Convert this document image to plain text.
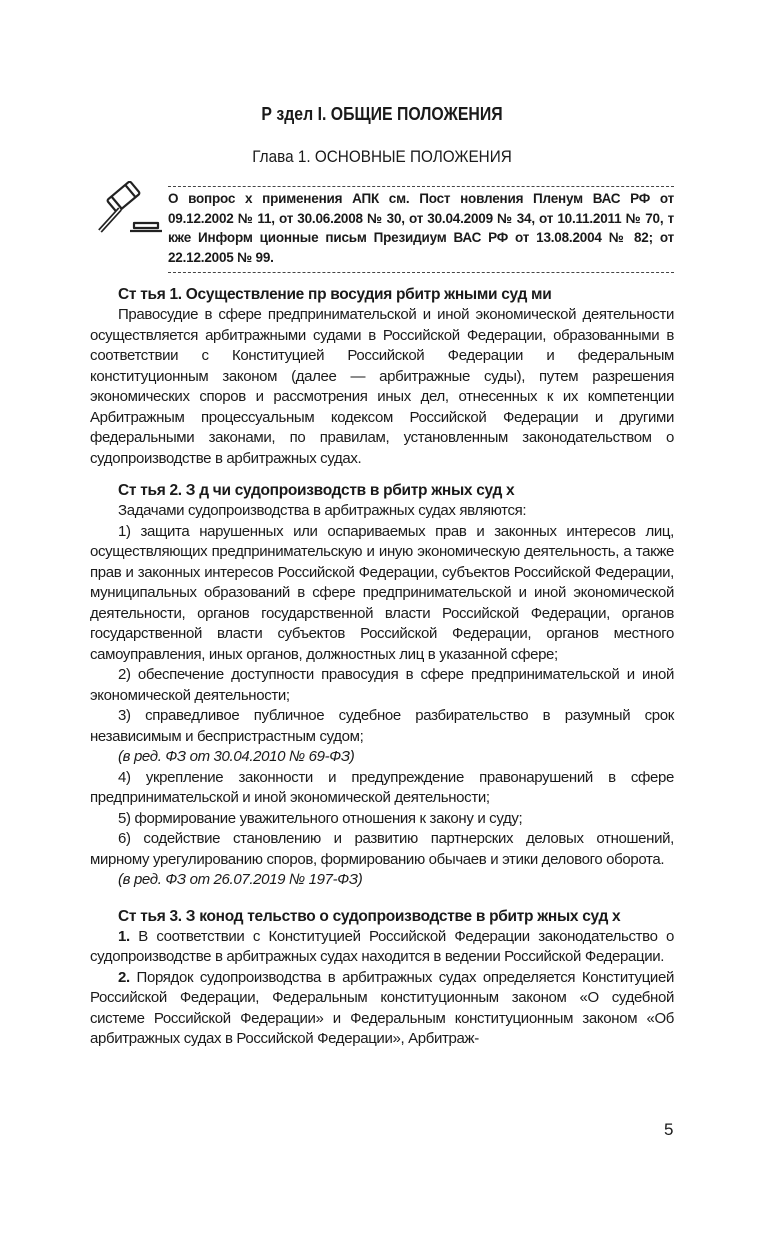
Р здел I. ОБЩИЕ ПОЛОЖЕНИЯ
Глава 1. ОСНОВНЫЕ ПОЛОЖЕНИЯ

О вопрос х применения АПК см. Пост новления Пленум ВАС РФ от 09.12.2002 № 11, от 30.06.2008 № 30, от 30.04.2009 № 34, от 10.11.2011 № 70, т кже Информ ционные письм Президиум ВАС РФ от 13.08.2004 № 82; от 22.12.2005 № 99.

Ст тья 1. Осуществление пр восудия рбитр жными суд ми

Правосудие в сфере предпринимательской и иной экономической деятельности осуществляется арбитражными судами в Российской Федерации, образованными в соответствии с Конституцией Российской Федерации и федеральным конституционным законом (далее — арбитражные суды), путем разрешения экономических споров и рассмотрения иных дел, отнесенных к их компетенции Арбитражным процессуальным кодексом Российской Федерации и другими федеральными законами, по правилам, установленным законодательством о судопроизводстве в арбитражных судах.

Ст тья 2. З д чи судопроизводств в рбитр жных суд х

Задачами судопроизводства в арбитражных судах являются:

1) защита нарушенных или оспариваемых прав и законных интересов лиц, осуществляющих предпринимательскую и иную экономическую деятельность, а также прав и законных интересов Российской Федерации, субъектов Российской Федерации, муниципальных образований в сфере предпринимательской и иной экономической деятельности, органов государственной власти Российской Федерации, органов государственной власти субъектов Российской Федерации, органов местного самоуправления, иных органов, должностных лиц в указанной сфере;

2) обеспечение доступности правосудия в сфере предпринимательской и иной экономической деятельности;

3) справедливое публичное судебное разбирательство в разумный срок независимым и беспристрастным судом;

(в ред. ФЗ от 30.04.2010 № 69-ФЗ)

4) укрепление законности и предупреждение правонарушений в сфере предпринимательской и иной экономической деятельности;

5) формирование уважительного отношения к закону и суду;

6) содействие становлению и развитию партнерских деловых отношений, мирному урегулированию споров, формированию обычаев и этики делового оборота.

(в ред. ФЗ от 26.07.2019 № 197-ФЗ)

Ст тья 3. З конод тельство о судопроизводстве в рбитр жных суд х

1. В соответствии с Конституцией Российской Федерации законодательство о судопроизводстве в арбитражных судах находится в ведении Российской Федерации.

2. Порядок судопроизводства в арбитражных судах определяется Конституцией Российской Федерации, Федеральным конституционным законом «О судебной системе Российской Федерации» и Федеральным конституционным законом «Об арбитражных судах в Российской Федерации», Арбитраж-

5
